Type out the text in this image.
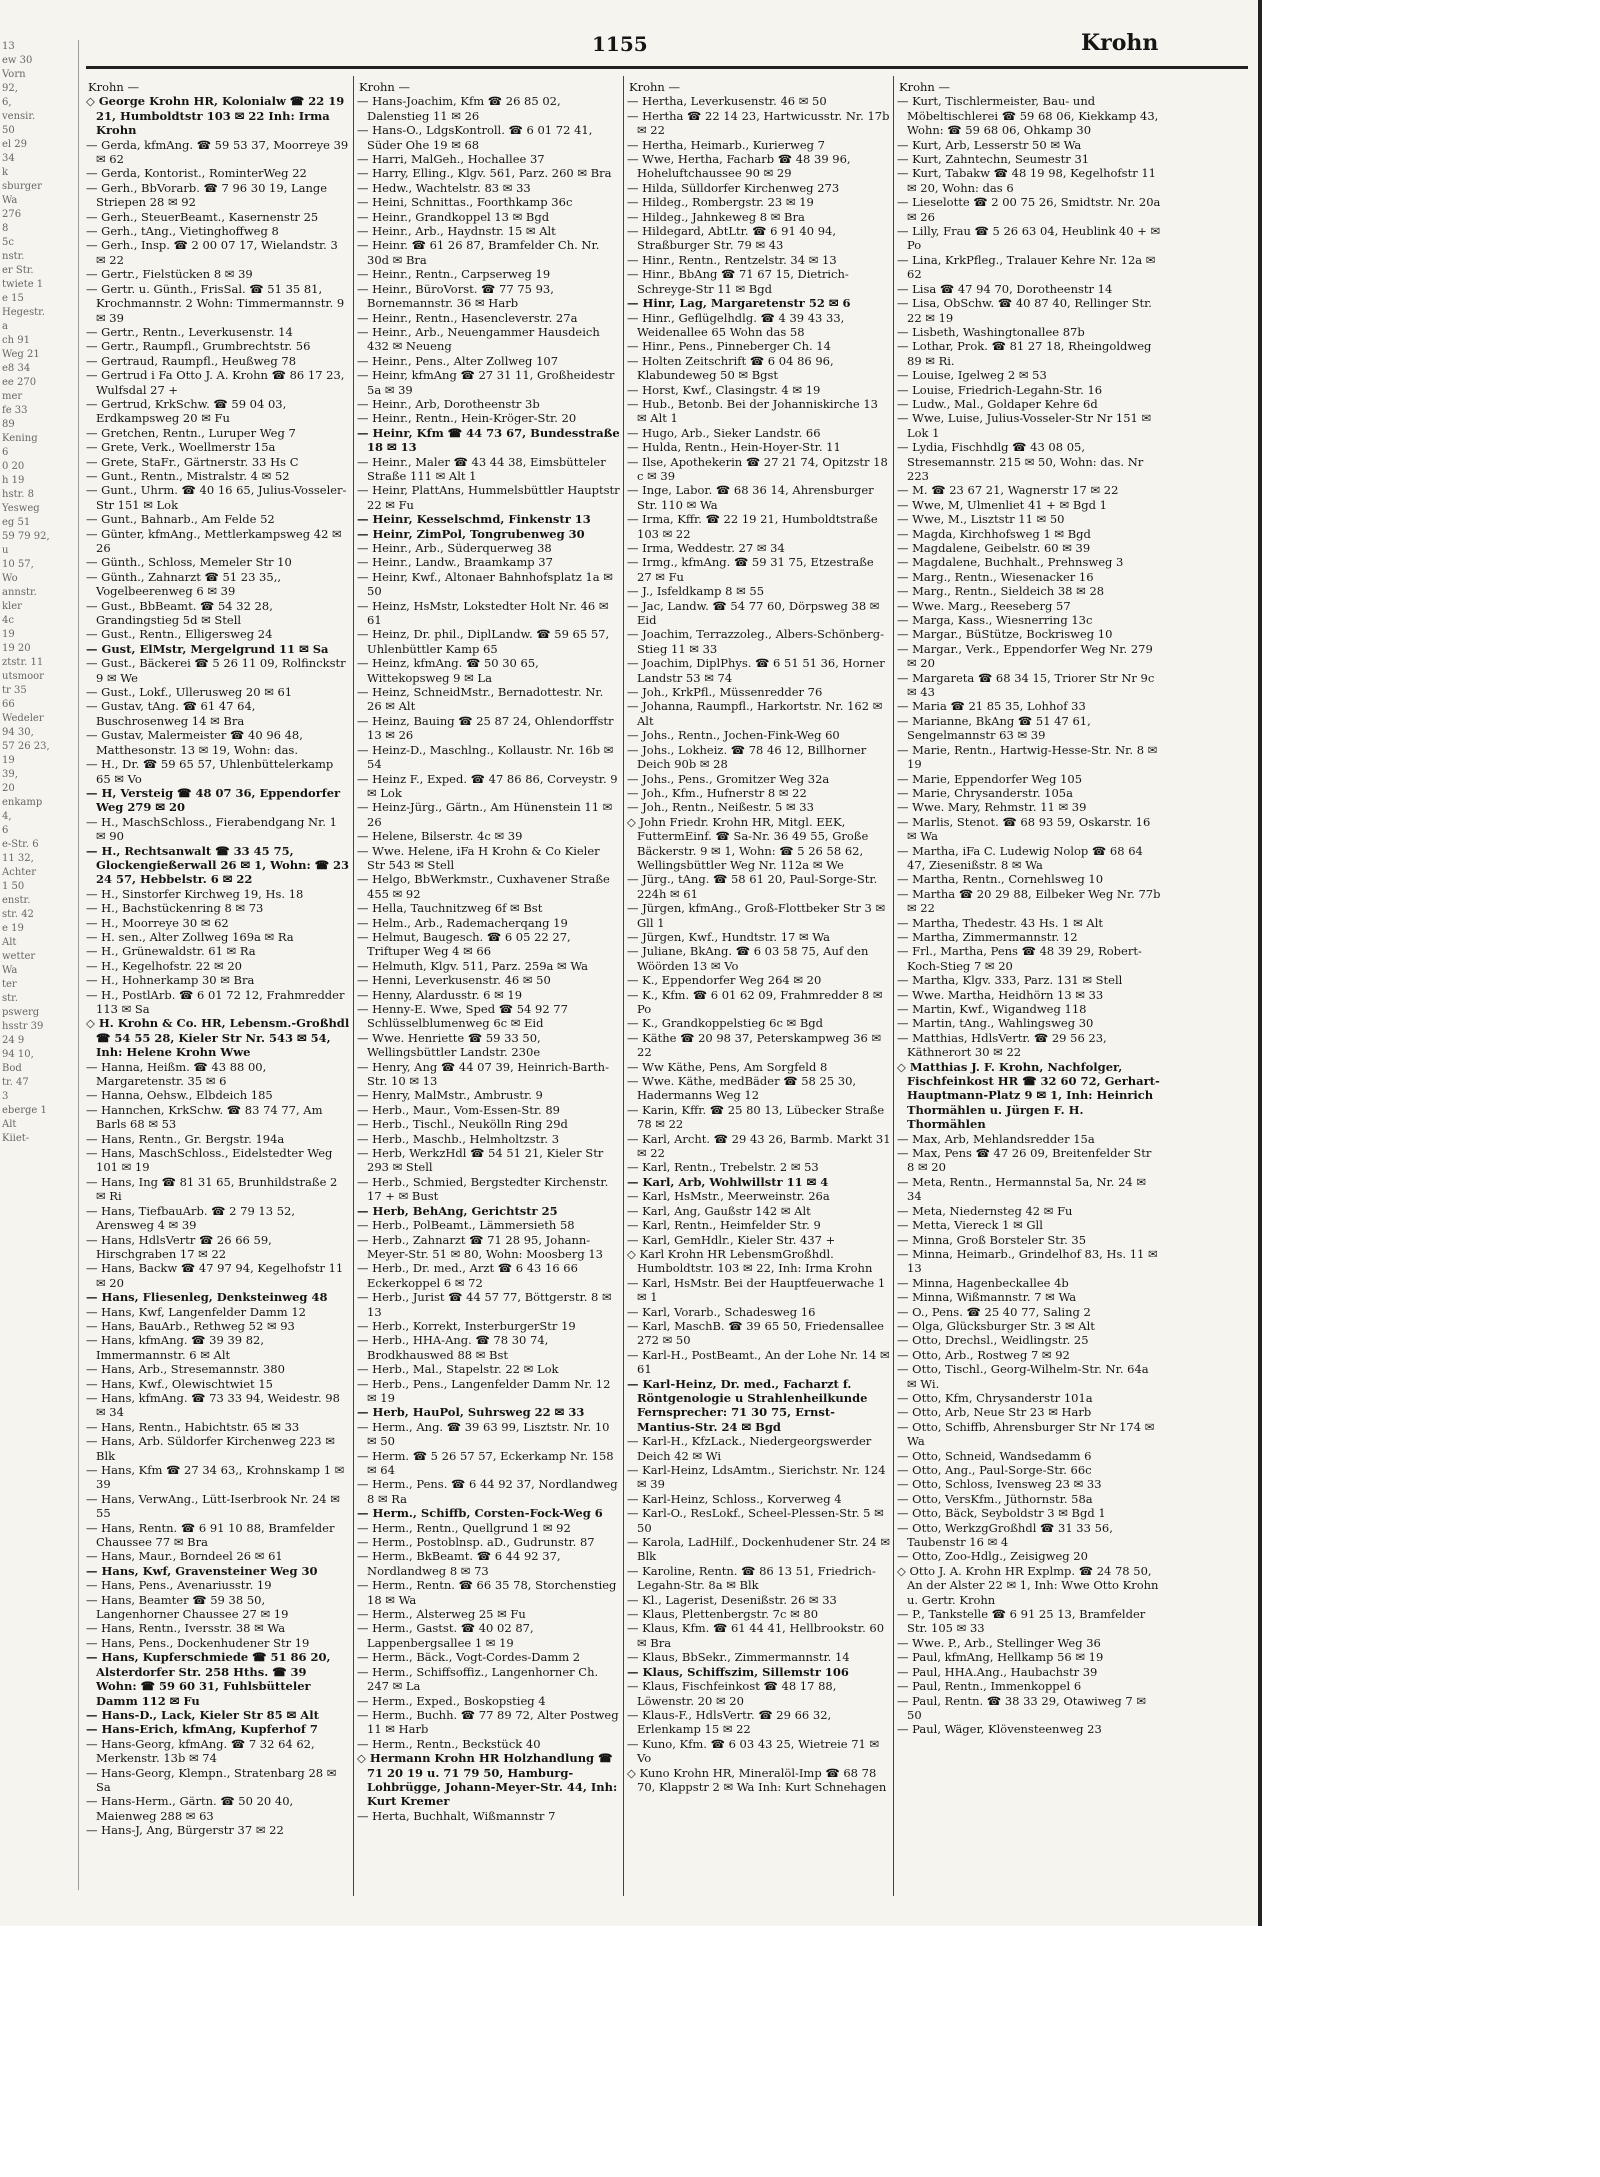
13
ew 30
Vorn
92,
6,
vensir.
50
el 29
34
k
sburger
Wa
276
8
5c
nstr.
er Str.
twiete 1
e 15
Hegestr.
a
ch 91
Weg 21
e8 34
ee 270
mer
fe 33
89
Kening
6
0 20
h 19
hstr. 8
Yesweg
eg 51
59 79 92,
u
10 57,
Wo
annstr.
kler
4c
19
19 20
ztstr. 11
utsmoor
tr 35
66
Wedeler
94 30,
57 26 23,
19
39,
20
enkamp
4,
6
e-Str. 6
11 32,
Achter
1 50
enstr.
str. 42
e 19
Alt
wetter
Wa
ter
str.
pswerg
hsstr 39
24 9
94 10,
Bod
tr. 47
3
eberge 1
Alt
Kiiet-
1155	Krohn
Krohn —

◇ George Krohn HR, Kolonialw ☎ 22 19 21, Humboldtstr 103 ✉ 22 Inh: Irma Krohn

— Gerda, kfmAng. ☎ 59 53 37, Moorreye 39 ✉ 62

— Gerda, Kontorist., RominterWeg 22

— Gerh., BbVorarb. ☎ 7 96 30 19, Lange Striepen 28 ✉ 92

— Gerh., SteuerBeamt., Kasernenstr 25

— Gerh., tAng., Vietinghoffweg 8

— Gerh., Insp. ☎ 2 00 07 17, Wielandstr. 3 ✉ 22

— Gertr., Fielstücken 8 ✉ 39

— Gertr. u. Günth., FrisSal. ☎ 51 35 81, Krochmannstr. 2 Wohn: Timmermannstr. 9 ✉ 39

— Gertr., Rentn., Leverkusenstr. 14

— Gertr., Raumpfl., Grumbrechtstr. 56

— Gertraud, Raumpfl., Heußweg 78

— Gertrud i Fa Otto J. A. Krohn ☎ 86 17 23, Wulfsdal 27 +

— Gertrud, KrkSchw. ☎ 59 04 03, Erdkampsweg 20 ✉ Fu

— Gretchen, Rentn., Luruper Weg 7

— Grete, Verk., Woellmerstr 15a

— Grete, StaFr., Gärtnerstr. 33 Hs C

— Gunt., Rentn., Mistralstr. 4 ✉ 52

— Gunt., Uhrm. ☎ 40 16 65, Julius-Vosseler-Str 151 ✉ Lok

— Gunt., Bahnarb., Am Felde 52

— Günter, kfmAng., Mettlerkampsweg 42 ✉ 26

— Günth., Schloss, Memeler Str 10

— Günth., Zahnarzt ☎ 51 23 35,, Vogelbeerenweg 6 ✉ 39

— Gust., BbBeamt. ☎ 54 32 28, Grandingstieg 5d ✉ Stell

— Gust., Rentn., Elligersweg 24

— Gust, ElMstr, Mergelgrund 11 ✉ Sa

— Gust., Bäckerei ☎ 5 26 11 09, Rolfinckstr 9 ✉ We

— Gust., Lokf., Ulleruswеg 20 ✉ 61

— Gustav, tAng. ☎ 61 47 64, Buschrosenweg 14 ✉ Bra

— Gustav, Malermeister ☎ 40 96 48, Matthesonstr. 13 ✉ 19, Wohn: das.

— H., Dr. ☎ 59 65 57, Uhlenbüttelerkamp 65 ✉ Vo

— H, Versteig ☎ 48 07 36, Eppendorfer Weg 279 ✉ 20

— H., MaschSchloss., Fierabendgang Nr. 1 ✉ 90

— H., Rechtsanwalt ☎ 33 45 75, Glockengießerwall 26 ✉ 1, Wohn: ☎ 23 24 57, Hebbelstr. 6 ✉ 22

— H., Sinstorfer Kirchweg 19, Hs. 18

— H., Bachstückenring 8 ✉ 73

— H., Moorreye 30 ✉ 62

— H. sen., Alter Zollweg 169a ✉ Ra

— H., Grünewaldstr. 61 ✉ Ra

— H., Kegelhofstr. 22 ✉ 20

— H., Hohnerkamp 30 ✉ Bra

— H., PostlArb. ☎ 6 01 72 12, Frahmredder 113 ✉ Sa

◇ H. Krohn & Co. HR, Lebensm.-Großhdl ☎ 54 55 28, Kieler Str Nr. 543 ✉ 54, Inh: Helene Krohn Wwe

— Hanna, Heißm. ☎ 43 88 00, Margaretenstr. 35 ✉ 6

— Hanna, Oehsw., Elbdeich 185

— Hannchen, KrkSchw. ☎ 83 74 77, Am Barls 68 ✉ 53

— Hans, Rentn., Gr. Bergstr. 194a

— Hans, MaschSchloss., Eidelstedter Weg 101 ✉ 19

— Hans, Ing ☎ 81 31 65, Brunhildstraße 2 ✉ Ri

— Hans, TiefbauArb. ☎ 2 79 13 52, Arensweg 4 ✉ 39

— Hans, HdlsVertr ☎ 26 66 59, Hirschgraben 17 ✉ 22

— Hans, Backw ☎ 47 97 94, Kegelhofstr 11 ✉ 20

— Hans, Fliesenleg, Denksteinweg 48

— Hans, Kwf, Langenfelder Damm 12

— Hans, BauArb., Rethweg 52 ✉ 93

— Hans, kfmAng. ☎ 39 39 82, Immermannstr. 6 ✉ Alt

— Hans, Arb., Stresemannstr. 380

— Hans, Kwf., Olewischtwiet 15

— Hans, kfmAng. ☎ 73 33 94, Weidestr. 98 ✉ 34

— Hans, Rentn., Habichtstr. 65 ✉ 33

— Hans, Arb. Süldorfer Kirchenweg 223 ✉ Blk

— Hans, Kfm ☎ 27 34 63,, Krohnskamp 1 ✉ 39

— Hans, VerwAng., Lütt-Iserbrook Nr. 24 ✉ 55

— Hans, Rentn. ☎ 6 91 10 88, Bramfelder Chaussee 77 ✉ Bra

— Hans, Maur., Borndeel 26 ✉ 61

— Hans, Kwf, Gravensteiner Weg 30

— Hans, Pens., Avenariusstr. 19

— Hans, Beamter ☎ 59 38 50, Langenhorner Chaussee 27 ✉ 19

— Hans, Rentn., Iversstr. 38 ✉ Wa

— Hans, Pens., Dockenhudener Str 19

— Hans, Kupferschmiede ☎ 51 86 20, Alsterdorfer Str. 258 Hths. ☎ 39 Wohn: ☎ 59 60 31, Fuhlsbütteler Damm 112 ✉ Fu

— Hans-D., Lack, Kieler Str 85 ✉ Alt

— Hans-Erich, kfmAng, Kupferhof 7

— Hans-Georg, kfmAng. ☎ 7 32 64 62, Merkenstr. 13b ✉ 74

— Hans-Georg, Klempn., Stratenbarg 28 ✉ Sa

— Hans-Herm., Gärtn. ☎ 50 20 40, Maienweg 288 ✉ 63

— Hans-J, Ang, Bürgerstr 37 ✉ 22

Krohn —

— Hans-Joachim, Kfm ☎ 26 85 02, Dalenstieg 11 ✉ 26

— Hans-O., LdgsKontroll. ☎ 6 01 72 41, Süder Ohe 19 ✉ 68

— Harri, MalGeh., Hochallee 37

— Harry, Elling., Klgv. 561, Parz. 260 ✉ Bra

— Hedw., Wachtelstr. 83 ✉ 33

— Heini, Schnittas., Foorthkamp 36c

— Heinr., Grandkoppel 13 ✉ Bgd

— Heinr., Arb., Haydnstr. 15 ✉ Alt

— Heinr. ☎ 61 26 87, Bramfelder Ch. Nr. 30d ✉ Bra

— Heinr., Rentn., Carpserweg 19

— Heinr., BüroVorst. ☎ 77 75 93, Bornemannstr. 36 ✉ Harb

— Heinr., Rentn., Hasencleverstr. 27a

— Heinr., Arb., Neuengammer Hausdeich 432 ✉ Neueng

— Heinr., Pens., Alter Zollweg 107

— Heinr, kfmAng ☎ 27 31 11, Großheidestr 5a ✉ 39

— Heinr., Arb, Dorotheenstr 3b

— Heinr., Rentn., Hein-Kröger-Str. 20

— Heinr, Kfm ☎ 44 73 67, Bundesstraße 18 ✉ 13

— Heinr., Maler ☎ 43 44 38, Eimsbütteler Straße 111 ✉ Alt 1

— Heinr, PlattAns, Hummelsbüttler Hauptstr 22 ✉ Fu

— Heinr, Kesselschmd, Finkenstr 13

— Heinr, ZimPol, Tongrubenweg 30

— Heinr., Arb., Süderquerweg 38

— Heinr., Landw., Braamkamp 37

— Heinr, Kwf., Altonaer Bahnhofsplatz 1a ✉ 50

— Heinz, HsMstr, Lokstedter Holt Nr. 46 ✉ 61

— Heinz, Dr. phil., DiplLandw. ☎ 59 65 57, Uhlenbüttler Kamp 65

— Heinz, kfmAng. ☎ 50 30 65, Wittekopsweg 9 ✉ La

— Heinz, SchneidMstr., Bernadottestr. Nr. 26 ✉ Alt

— Heinz, Bauing ☎ 25 87 24, Ohlendorffstr 13 ✉ 26

— Heinz-D., Maschlng., Kollaustr. Nr. 16b ✉ 54

— Heinz F., Exped. ☎ 47 86 86, Corveystr. 9 ✉ Lok

— Heinz-Jürg., Gärtn., Am Hünenstein 11 ✉ 26

— Helene, Bilserstr. 4c ✉ 39

— Wwe. Helene, iFa H Krohn & Co Kieler Str 543 ✉ Stell

— Helgo, BbWerkmstr., Cuxhavener Straße 455 ✉ 92

— Hella, Tauchnitzweg 6f ✉ Bst

— Helm., Arb., Rademacherqang 19

— Helmut, Baugesch. ☎ 6 05 22 27, Triftuper Weg 4 ✉ 66

— Helmuth, Klgv. 511, Parz. 259a ✉ Wa

— Henni, Leverkusenstr. 46 ✉ 50

— Henny, Alardusstr. 6 ✉ 19

— Henny-E. Wwe, Sped ☎ 54 92 77 Schlüsselblumenweg 6c ✉ Eid

— Wwe. Henriette ☎ 59 33 50, Wellingsbüttler Landstr. 230e

— Henry, Ang ☎ 44 07 39, Heinrich-Barth-Str. 10 ✉ 13

— Henry, MalMstr., Ambrustr. 9

— Herb., Maur., Vom-Essen-Str. 89

— Herb., Tischl., Neukölln Ring 29d

— Herb., Maschb., Helmholtzstr. 3

— Herb, WerkzHdl ☎ 54 51 21, Kieler Str 293 ✉ Stell

— Herb., Schmied, Bergstedter Kirchenstr. 17 + ✉ Bust

— Herb, BehAng, Gerichtstr 25

— Herb., PolBeamt., Lämmersieth 58

— Herb., Zahnarzt ☎ 71 28 95, Johann-Meyer-Str. 51 ✉ 80, Wohn: Moosberg 13

— Herb., Dr. med., Arzt ☎ 6 43 16 66 Eckerkoppel 6 ✉ 72

— Herb., Jurist ☎ 44 57 77, Böttgerstr. 8 ✉ 13

— Herb., Korrekt, InsterburgerStr 19

— Herb., HHA-Ang. ☎ 78 30 74, Brodkhauswed 88 ✉ Bst

— Herb., Mal., Stapelstr. 22 ✉ Lok

— Herb., Pens., Langenfelder Damm Nr. 12 ✉ 19

— Herb, HauPol, Suhrsweg 22 ✉ 33

— Herm., Ang. ☎ 39 63 99, Lisztstr. Nr. 10 ✉ 50

— Herm. ☎ 5 26 57 57, Eckerkamp Nr. 158 ✉ 64

— Herm., Pens. ☎ 6 44 92 37, Nordlandweg 8 ✉ Ra

— Herm., Schiffb, Corsten-Fock-Weg 6

— Herm., Rentn., Quellgrund 1 ✉ 92

— Herm., Postoblnsp. aD., Gudrunstr. 87

— Herm., BkBeamt. ☎ 6 44 92 37, Nordlandweg 8 ✉ 73

— Herm., Rentn. ☎ 66 35 78, Storchenstieg 18 ✉ Wa

— Herm., Alsterweg 25 ✉ Fu

— Herm., Gastst. ☎ 40 02 87, Lappenbergsallee 1 ✉ 19

— Herm., Bäck., Vogt-Cordes-Damm 2

— Herm., Schiffsoffiz., Langenhorner Ch. 247 ✉ La

— Herm., Exped., Boskopstieg 4

— Herm., Buchh. ☎ 77 89 72, Alter Postweg 11 ✉ Harb

— Herm., Rentn., Beckstück 40

◇ Hermann Krohn HR Holzhandlung ☎ 71 20 19 u. 71 79 50, Hamburg-Lohbrügge, Johann-Meyer-Str. 44, Inh: Kurt Kremer

— Herta, Buchhalt, Wißmannstr 7

Krohn —

— Hertha, Leverkusenstr. 46 ✉ 50

— Hertha ☎ 22 14 23, Hartwicusstr. Nr. 17b ✉ 22

— Hertha, Heimarb., Kurierweg 7

— Wwe, Hertha, Facharb ☎ 48 39 96, Hoheluftchaussee 90 ✉ 29

— Hilda, Sülldorfer Kirchenweg 273

— Hildeg., Rombergstr. 23 ✉ 19

— Hildeg., Jahnkeweg 8 ✉ Bra

— Hildegard, AbtLtr. ☎ 6 91 40 94, Straßburger Str. 79 ✉ 43

— Hinr., Rentn., Rentzelstr. 34 ✉ 13

— Hinr., BbAng ☎ 71 67 15, Dietrich-Schreyge-Str 11 ✉ Bgd

— Hinr, Lag, Margaretenstr 52 ✉ 6

— Hinr., Geflügelhdlg. ☎ 4 39 43 33, Weidenallee 65 Wohn das 58

— Hinr., Pens., Pinneberger Ch. 14

— Holten Zeitschrift ☎ 6 04 86 96, Klabundeweg 50 ✉ Bgst

— Horst, Kwf., Clasingstr. 4 ✉ 19

— Hub., Betonb. Bei der Johanniskirche 13 ✉ Alt 1

— Hugo, Arb., Sieker Landstr. 66

— Hulda, Rentn., Hein-Hoyer-Str. 11

— Ilse, Apothekerin ☎ 27 21 74, Opitzstr 18 c ✉ 39

— Inge, Labor. ☎ 68 36 14, Ahrensburger Str. 110 ✉ Wa

— Irma, Kffr. ☎ 22 19 21, Humboldtstraße 103 ✉ 22

— Irma, Weddestr. 27 ✉ 34

— Irmg., kfmAng. ☎ 59 31 75, Etzestraße 27 ✉ Fu

— J., Isfeldkamp 8 ✉ 55

— Jac, Landw. ☎ 54 77 60, Dörpsweg 38 ✉ Eid

— Joachim, Terrazzoleg., Albers-Schönberg-Stieg 11 ✉ 33

— Joachim, DiplPhys. ☎ 6 51 51 36, Horner Landstr 53 ✉ 74

— Joh., KrkPfl., Müssenredder 76

— Johanna, Raumpfl., Harkortstr. Nr. 162 ✉ Alt

— Johs., Rentn., Jochen-Fink-Weg 60

— Johs., Lokheiz. ☎ 78 46 12, Billhorner Deich 90b ✉ 28

— Johs., Pens., Gromitzer Weg 32a

— Joh., Kfm., Hufnerstr 8 ✉ 22

— Joh., Rentn., Neißestr. 5 ✉ 33

◇ John Friedr. Krohn HR, Mitgl. EEK, FuttermEinf. ☎ Sa-Nr. 36 49 55, Große Bäckerstr. 9 ✉ 1, Wohn: ☎ 5 26 58 62, Wellingsbüttler Weg Nr. 112a ✉ We

— Jürg., tAng. ☎ 58 61 20, Paul-Sorge-Str. 224h ✉ 61

— Jürgen, kfmAng., Groß-Flottbeker Str 3 ✉ Gll 1

— Jürgen, Kwf., Hundtstr. 17 ✉ Wa

— Juliane, BkAng. ☎ 6 03 58 75, Auf den Wöörden 13 ✉ Vo

— K., Eppendorfer Weg 264 ✉ 20

— K., Kfm. ☎ 6 01 62 09, Frahmredder 8 ✉ Po

— K., Grandkoppelstieg 6c ✉ Bgd

— Käthe ☎ 20 98 37, Peterskampweg 36 ✉ 22

— Ww Käthe, Pens, Am Sorgfeld 8

— Wwe. Käthe, medBäder ☎ 58 25 30, Hadermanns Weg 12

— Karin, Kffr. ☎ 25 80 13, Lübecker Straße 78 ✉ 22

— Karl, Archt. ☎ 29 43 26, Barmb. Markt 31 ✉ 22

— Karl, Rentn., Trebelstr. 2 ✉ 53

— Karl, Arb, Wohlwillstr 11 ✉ 4

— Karl, HsMstr., Meerweinstr. 26a

— Karl, Ang, Gaußstr 142 ✉ Alt

— Karl, Rentn., Heimfelder Str. 9

— Karl, GemHdlr., Kieler Str. 437 +

◇ Karl Krohn HR LebensmGroßhdl. Humboldtstr. 103 ✉ 22, Inh: Irma Krohn

— Karl, HsMstr. Bei der Hauptfeuerwache 1 ✉ 1

— Karl, Vorarb., Schadesweg 16

— Karl, MaschB. ☎ 39 65 50, Friedensallee 272 ✉ 50

— Karl-H., PostBeamt., An der Lohe Nr. 14 ✉ 61

— Karl-Heinz, Dr. med., Facharzt f. Röntgenologie u Strahlenheilkunde Fernsprecher: 71 30 75, Ernst-Mantius-Str. 24 ✉ Bgd

— Karl-H., KfzLack., Niedergeorgswerder Deich 42 ✉ Wi

— Karl-Heinz, LdsAmtm., Sierichstr. Nr. 124 ✉ 39

— Karl-Heinz, Schloss., Korverweg 4

— Karl-O., ResLokf., Scheel-Plessen-Str. 5 ✉ 50

— Karola, LadHilf., Dockenhudener Str. 24 ✉ Blk

— Karoline, Rentn. ☎ 86 13 51, Friedrich-Legahn-Str. 8a ✉ Blk

— Kl., Lagerist, Desenißstr. 26 ✉ 33

— Klaus, Plettenbergstr. 7c ✉ 80

— Klaus, Kfm. ☎ 61 44 41, Hellbrookstr. 60 ✉ Bra

— Klaus, BbSekr., Zimmermannstr. 14

— Klaus, Schiffszim, Sillemstr 106

— Klaus, Fischfeinkost ☎ 48 17 88, Löwenstr. 20 ✉ 20

— Klaus-F., HdlsVertr. ☎ 29 66 32, Erlenkamp 15 ✉ 22

— Kuno, Kfm. ☎ 6 03 43 25, Wietreie 71 ✉ Vo

◇ Kuno Krohn HR, Mineralöl-Imp ☎ 68 78 70, Klappstr 2 ✉ Wa Inh: Kurt Schnehagen

Krohn —

— Kurt, Tischlermeister, Bau- und Möbeltischlerei ☎ 59 68 06, Kiekkamp 43, Wohn: ☎ 59 68 06, Ohkamp 30

— Kurt, Arb, Lesserstr 50 ✉ Wa

— Kurt, Zahntechn, Seumestr 31

— Kurt, Tabakw ☎ 48 19 98, Kegelhofstr 11 ✉ 20, Wohn: das 6

— Lieselotte ☎ 2 00 75 26, Smidtstr. Nr. 20a ✉ 26

— Lilly, Frau ☎ 5 26 63 04, Heublink 40 + ✉ Po

— Lina, KrkPfleg., Tralauer Kehre Nr. 12a ✉ 62

— Lisa ☎ 47 94 70, Dorotheenstr 14

— Lisa, ObSchw. ☎ 40 87 40, Rellinger Str. 22 ✉ 19

— Lisbeth, Washingtonallee 87b

— Lothar, Prok. ☎ 81 27 18, Rheingoldweg 89 ✉ Ri.

— Louise, Igelweg 2 ✉ 53

— Louise, Friedrich-Legahn-Str. 16

— Ludw., Mal., Goldaper Kehre 6d

— Wwe, Luise, Julius-Vosseler-Str Nr 151 ✉ Lok 1

— Lydia, Fischhdlg ☎ 43 08 05, Stresemannstr. 215 ✉ 50, Wohn: das. Nr 223

— M. ☎ 23 67 21, Wagnerstr 17 ✉ 22

— Wwe, M, Ulmenliet 41 + ✉ Bgd 1

— Wwe, M., Lisztstr 11 ✉ 50

— Magda, Kirchhofsweg 1 ✉ Bgd

— Magdalene, Geibelstr. 60 ✉ 39

— Magdalene, Buchhalt., Prehnsweg 3

— Marg., Rentn., Wiesenacker 16

— Marg., Rentn., Sieldeich 38 ✉ 28

— Wwe. Marg., Reeseberg 57

— Marga, Kass., Wiesnerring 13c

— Margar., BüStütze, Bockrisweg 10

— Margar., Verk., Eppendorfer Weg Nr. 279 ✉ 20

— Margareta ☎ 68 34 15, Triorer Str Nr 9c ✉ 43

— Maria ☎ 21 85 35, Lohhof 33

— Marianne, BkAng ☎ 51 47 61, Sengelmannstr 63 ✉ 39

— Marie, Rentn., Hartwig-Hesse-Str. Nr. 8 ✉ 19

— Marie, Eppendorfer Weg 105

— Marie, Chrysanderstr. 105a

— Wwe. Mary, Rehmstr. 11 ✉ 39

— Marlis, Stenot. ☎ 68 93 59, Oskarstr. 16 ✉ Wa

— Martha, iFa C. Ludewig Nolop ☎ 68 64 47, Ziesenißstr. 8 ✉ Wa

— Martha, Rentn., Cornehlsweg 10

— Martha ☎ 20 29 88, Eilbeker Weg Nr. 77b ✉ 22

— Martha, Thedestr. 43 Hs. 1 ✉ Alt

— Martha, Zimmermannstr. 12

— Frl., Martha, Pens ☎ 48 39 29, Robert-Koch-Stieg 7 ✉ 20

— Martha, Klgv. 333, Parz. 131 ✉ Stell

— Wwe. Martha, Heidhörn 13 ✉ 33

— Martin, Kwf., Wigandweg 118

— Martin, tAng., Wahlingsweg 30

— Matthias, HdlsVertr. ☎ 29 56 23, Käthnerort 30 ✉ 22

◇ Matthias J. F. Krohn, Nachfolger, Fischfeinkost HR ☎ 32 60 72, Gerhart-Hauptmann-Platz 9 ✉ 1, Inh: Heinrich Thormählen u. Jürgen F. H. Thormählen

— Max, Arb, Mehlandsredder 15a

— Max, Pens ☎ 47 26 09, Breitenfelder Str 8 ✉ 20

— Meta, Rentn., Hermannstal 5a, Nr. 24 ✉ 34

— Meta, Niedernsteg 42 ✉ Fu

— Metta, Viereck 1 ✉ Gll

— Minna, Groß Borsteler Str. 35

— Minna, Heimarb., Grindelhof 83, Hs. 11 ✉ 13

— Minna, Hagenbeckallee 4b

— Minna, Wißmannstr. 7 ✉ Wa

— O., Pens. ☎ 25 40 77, Saling 2

— Olga, Glücksburger Str. 3 ✉ Alt

— Otto, Drechsl., Weidlingstr. 25

— Otto, Arb., Rostweg 7 ✉ 92

— Otto, Tischl., Georg-Wilhelm-Str. Nr. 64a ✉ Wi.

— Otto, Kfm, Chrysanderstr 101a

— Otto, Arb, Neue Str 23 ✉ Harb

— Otto, Schiffb, Ahrensburger Str Nr 174 ✉ Wa

— Otto, Schneid, Wandsedamm 6

— Otto, Ang., Paul-Sorge-Str. 66c

— Otto, Schloss, Ivensweg 23 ✉ 33

— Otto, VersKfm., Jüthornstr. 58a

— Otto, Bäck, Seyboldstr 3 ✉ Bgd 1

— Otto, WerkzgGroßhdl ☎ 31 33 56, Taubenstr 16 ✉ 4

— Otto, Zoo-Hdlg., Zeisigweg 20

◇ Otto J. A. Krohn HR Explmp. ☎ 24 78 50, An der Alster 22 ✉ 1, Inh: Wwe Otto Krohn u. Gertr. Krohn

— P., Tankstelle ☎ 6 91 25 13, Bramfelder Str. 105 ✉ 33

— Wwe. P., Arb., Stellinger Weg 36

— Paul, kfmAng, Hellkamp 56 ✉ 19

— Paul, HHA.Ang., Haubachstr 39

— Paul, Rentn., Immenkoppel 6

— Paul, Rentn. ☎ 38 33 29, Otawiweg 7 ✉ 50

— Paul, Wäger, Klövensteenweg 23
